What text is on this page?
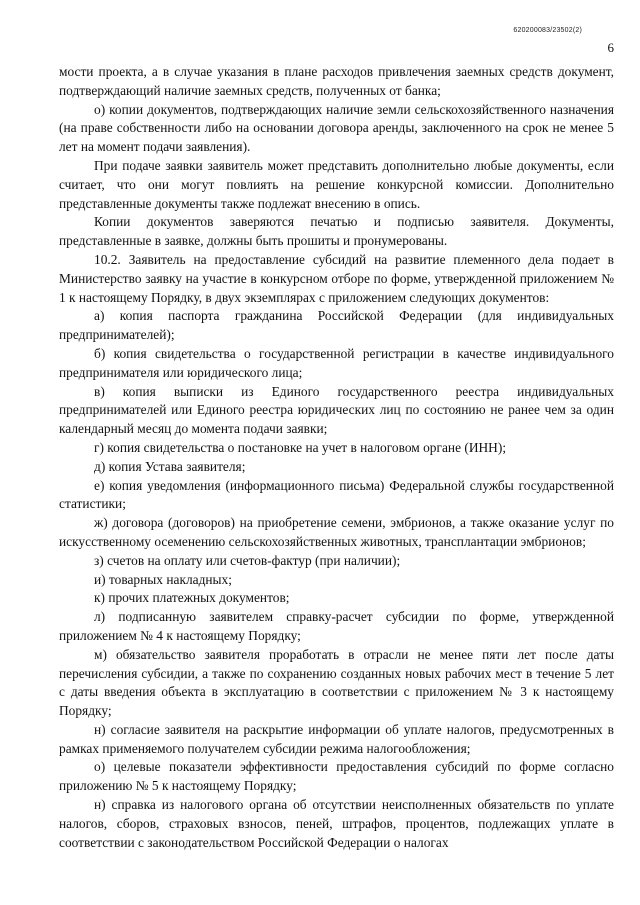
620200083/23502(2)
6

мости проекта, а в случае указания в плане расходов привлечения заемных средств документ, подтверждающий наличие заемных средств, полученных от банка;

о) копии документов, подтверждающих наличие земли сельскохозяйственного назначения (на праве собственности либо на основании договора аренды, заключенного на срок не менее 5 лет на момент подачи заявления).

При подаче заявки заявитель может представить дополнительно любые документы, если считает, что они могут повлиять на решение конкурсной комиссии. Дополнительно представленные документы также подлежат внесению в опись.

Копии документов заверяются печатью и подписью заявителя. Документы, представленные в заявке, должны быть прошиты и пронумерованы.

10.2. Заявитель на предоставление субсидий на развитие племенного дела подает в Министерство заявку на участие в конкурсном отборе по форме, утвержденной приложением № 1 к настоящему Порядку, в двух экземплярах с приложением следующих документов:

а) копия паспорта гражданина Российской Федерации (для индивидуальных предпринимателей);

б) копия свидетельства о государственной регистрации в качестве индивидуального предпринимателя или юридического лица;

в) копия выписки из Единого государственного реестра индивидуальных предпринимателей или Единого реестра юридических лиц по состоянию не ранее чем за один календарный месяц до момента подачи заявки;

г) копия свидетельства о постановке на учет в налоговом органе (ИНН);

д) копия Устава заявителя;

е) копия уведомления (информационного письма) Федеральной службы государственной статистики;

ж) договора (договоров) на приобретение семени, эмбрионов, а также оказание услуг по искусственному осеменению сельскохозяйственных животных, трансплантации эмбрионов;

з) счетов на оплату или счетов-фактур (при наличии);

и) товарных накладных;

к) прочих платежных документов;

л) подписанную заявителем справку-расчет субсидии по форме, утвержденной приложением № 4 к настоящему Порядку;

м) обязательство заявителя проработать в отрасли не менее пяти лет после даты перечисления субсидии, а также по сохранению созданных новых рабочих мест в течение 5 лет с даты введения объекта в эксплуатацию в соответствии с приложением № 3 к настоящему Порядку;

н) согласие заявителя на раскрытие информации об уплате налогов, предусмотренных в рамках применяемого получателем субсидии режима налогообложения;

о) целевые показатели эффективности предоставления субсидий по форме согласно приложению № 5 к настоящему Порядку;

н) справка из налогового органа об отсутствии неисполненных обязательств по уплате налогов, сборов, страховых взносов, пеней, штрафов, процентов, подлежащих уплате в соответствии с законодательством Российской Федерации о налогах
